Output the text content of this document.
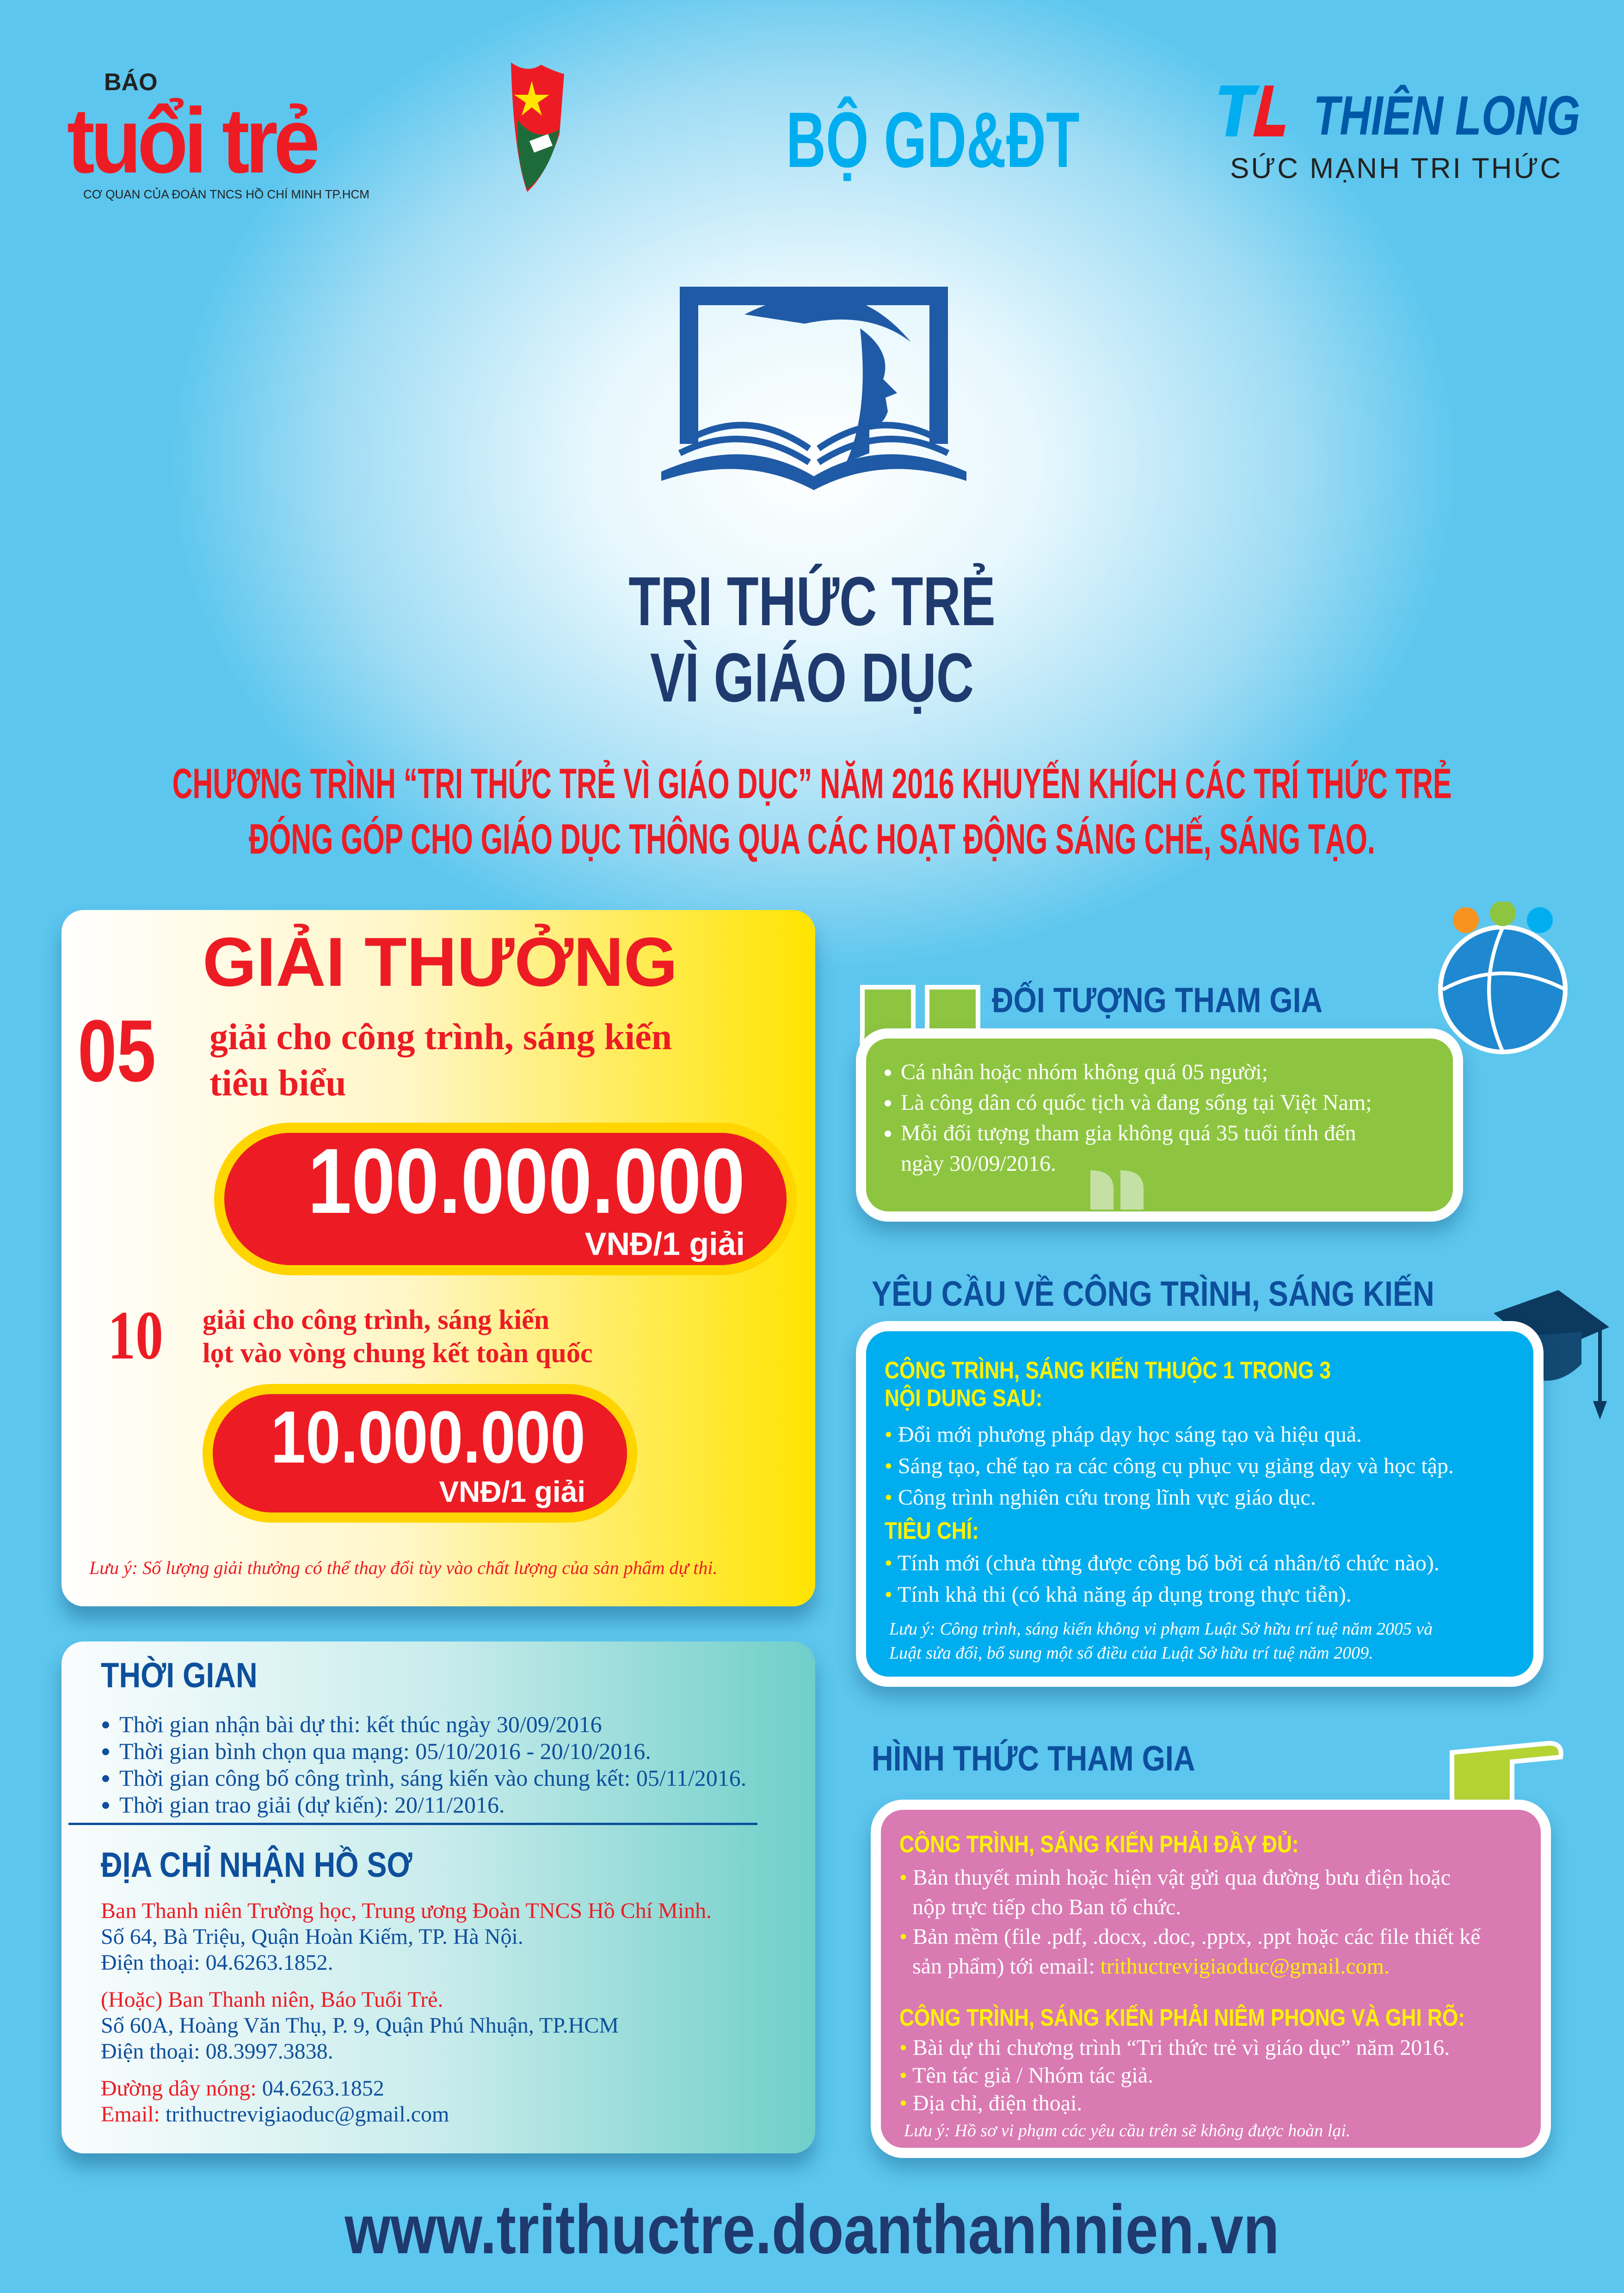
BÁO
tuổi trẻ
CƠ QUAN CỦA ĐOÀN TNCS HỒ CHÍ MINH TP.HCM
BỘ GD&ĐT	THIÊN LONG
SỨC MẠNH TRI THỨC
TRI THỨC TRẺ
VÌ GIÁO DỤC
CHƯƠNG TRÌNH “TRI THỨC TRẺ VÌ GIÁO DỤC” NĂM 2016 KHUYẾN KHÍCH CÁC TRÍ THỨC TRẺ
ĐÓNG GÓP CHO GIÁO DỤC THÔNG QUA CÁC HOẠT ĐỘNG SÁNG CHẾ, SÁNG TẠO.
GIẢI THƯỞNG
05 giải cho công trình, sáng kiến
tiêu biểu
100.000.000
VNĐ/1 giải
10 giải cho công trình, sáng kiến
lọt vào vòng chung kết toàn quốc
10.000.000
VNĐ/1 giải
Lưu ý: Số lượng giải thưởng có thể thay đổi tùy vào chất lượng của sản phẩm dự thi.
THỜI GIAN
• Thời gian nhận bài dự thi: kết thúc ngày 30/09/2016
• Thời gian bình chọn qua mạng: 05/10/2016 - 20/10/2016.
• Thời gian công bố công trình, sáng kiến vào chung kết: 05/11/2016.
• Thời gian trao giải (dự kiến): 20/11/2016.
ĐỊA CHỈ NHẬN HỒ SƠ
Ban Thanh niên Trường học, Trung ương Đoàn TNCS Hồ Chí Minh.
Số 64, Bà Triệu, Quận Hoàn Kiếm, TP. Hà Nội.
Điện thoại: 04.6263.1852.
(Hoặc) Ban Thanh niên, Báo Tuổi Trẻ.
Số 60A, Hoàng Văn Thụ, P. 9, Quận Phú Nhuận, TP.HCM
Điện thoại: 08.3997.3838.
Đường dây nóng: 04.6263.1852
Email: trithuctrevigiaoduc@gmail.com
ĐỐI TƯỢNG THAM GIA
• Cá nhân hoặc nhóm không quá 05 người;
• Là công dân có quốc tịch và đang sống tại Việt Nam;
• Mỗi đối tượng tham gia không quá 35 tuổi tính đến
ngày 30/09/2016.
YÊU CẦU VỀ CÔNG TRÌNH, SÁNG KIẾN
CÔNG TRÌNH, SÁNG KIẾN THUỘC 1 TRONG 3
NỘI DUNG SAU:
• Đổi mới phương pháp dạy học sáng tạo và hiệu quả.
• Sáng tạo, chế tạo ra các công cụ phục vụ giảng dạy và học tập.
• Công trình nghiên cứu trong lĩnh vực giáo dục.
TIÊU CHÍ:
• Tính mới (chưa từng được công bố bởi cá nhân/tổ chức nào).
• Tính khả thi (có khả năng áp dụng trong thực tiễn).
Lưu ý: Công trình, sáng kiến không vi phạm Luật Sở hữu trí tuệ năm 2005 và
Luật sửa đổi, bổ sung một số điều của Luật Sở hữu trí tuệ năm 2009.
HÌNH THỨC THAM GIA
CÔNG TRÌNH, SÁNG KIẾN PHẢI ĐẦY ĐỦ:
• Bản thuyết minh hoặc hiện vật gửi qua đường bưu điện hoặc
nộp trực tiếp cho Ban tổ chức.
• Bản mềm (file .pdf, .docx, .doc, .pptx, .ppt hoặc các file thiết kế
sản phẩm) tới email: trithuctrevigiaoduc@gmail.com.
CÔNG TRÌNH, SÁNG KIẾN PHẢI NIÊM PHONG VÀ GHI RÕ:
• Bài dự thi chương trình “Tri thức trẻ vì giáo dục” năm 2016.
• Tên tác giả / Nhóm tác giả.
• Địa chỉ, điện thoại.
Lưu ý: Hồ sơ vi phạm các yêu cầu trên sẽ không được hoàn lại.
www.trithuctre.doanthanhnien.vn
